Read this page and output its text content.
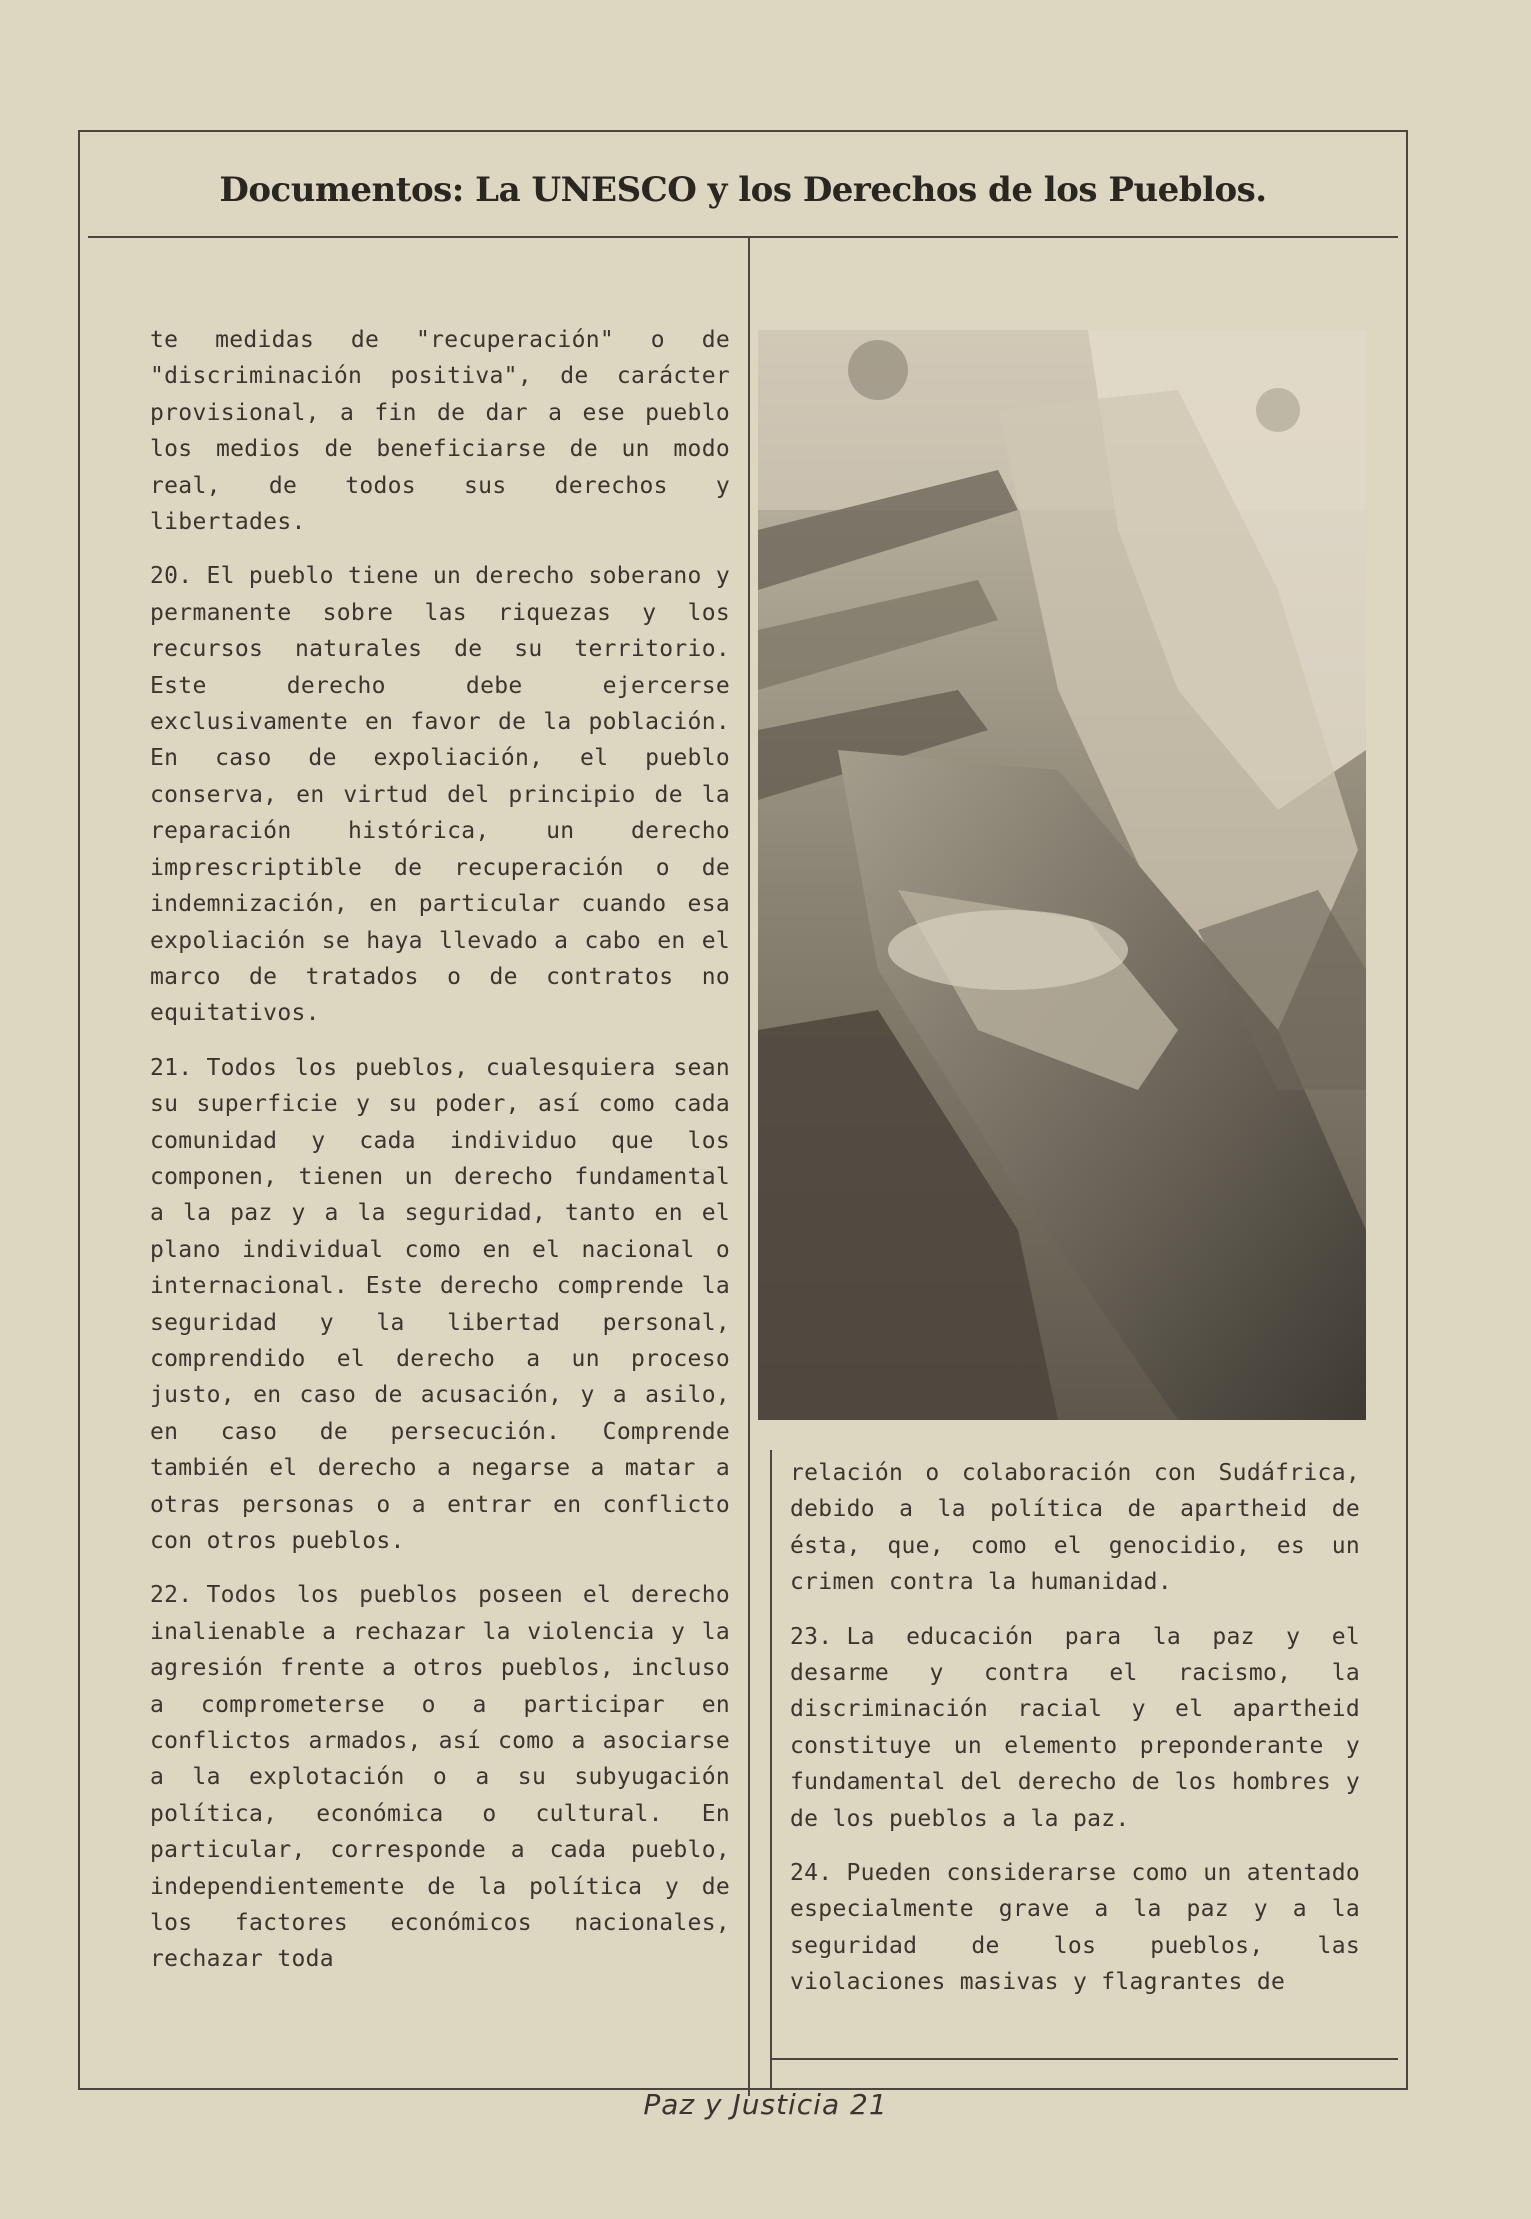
Documentos: La UNESCO y los Derechos de los Pueblos.

te medidas de "recuperación" o de "discriminación positiva", de carácter provisional, a fin de dar a ese pueblo los medios de beneficiarse de un modo real, de todos sus derechos y libertades.

20. El pueblo tiene un derecho soberano y permanente sobre las riquezas y los recursos naturales de su territorio. Este derecho debe ejercerse exclusivamente en favor de la población. En caso de expoliación, el pueblo conserva, en virtud del principio de la reparación histórica, un derecho imprescriptible de recuperación o de indemnización, en particular cuando esa expoliación se haya llevado a cabo en el marco de tratados o de contratos no equitativos.

21. Todos los pueblos, cualesquiera sean su superficie y su poder, así como cada comunidad y cada individuo que los componen, tienen un derecho fundamental a la paz y a la seguridad, tanto en el plano individual como en el nacional o internacional. Este derecho comprende la seguridad y la libertad personal, comprendido el derecho a un proceso justo, en caso de acusación, y a asilo, en caso de persecución. Comprende también el derecho a negarse a matar a otras personas o a entrar en conflicto con otros pueblos.

22. Todos los pueblos poseen el derecho inalienable a rechazar la violencia y la agresión frente a otros pueblos, incluso a comprometerse o a participar en conflictos armados, así como a asociarse a la explotación o a su subyugación política, económica o cultural. En particular, corresponde a cada pueblo, independientemente de la política y de los factores económicos nacionales, rechazar toda

relación o colaboración con Sudáfrica, debido a la política de apartheid de ésta, que, como el genocidio, es un crimen contra la humanidad.

23. La educación para la paz y el desarme y contra el racismo, la discriminación racial y el apartheid constituye un elemento preponderante y fundamental del derecho de los hombres y de los pueblos a la paz.

24. Pueden considerarse como un atentado especialmente grave a la paz y a la seguridad de los pueblos, las violaciones masivas y flagrantes de

Paz y Justicia 21
